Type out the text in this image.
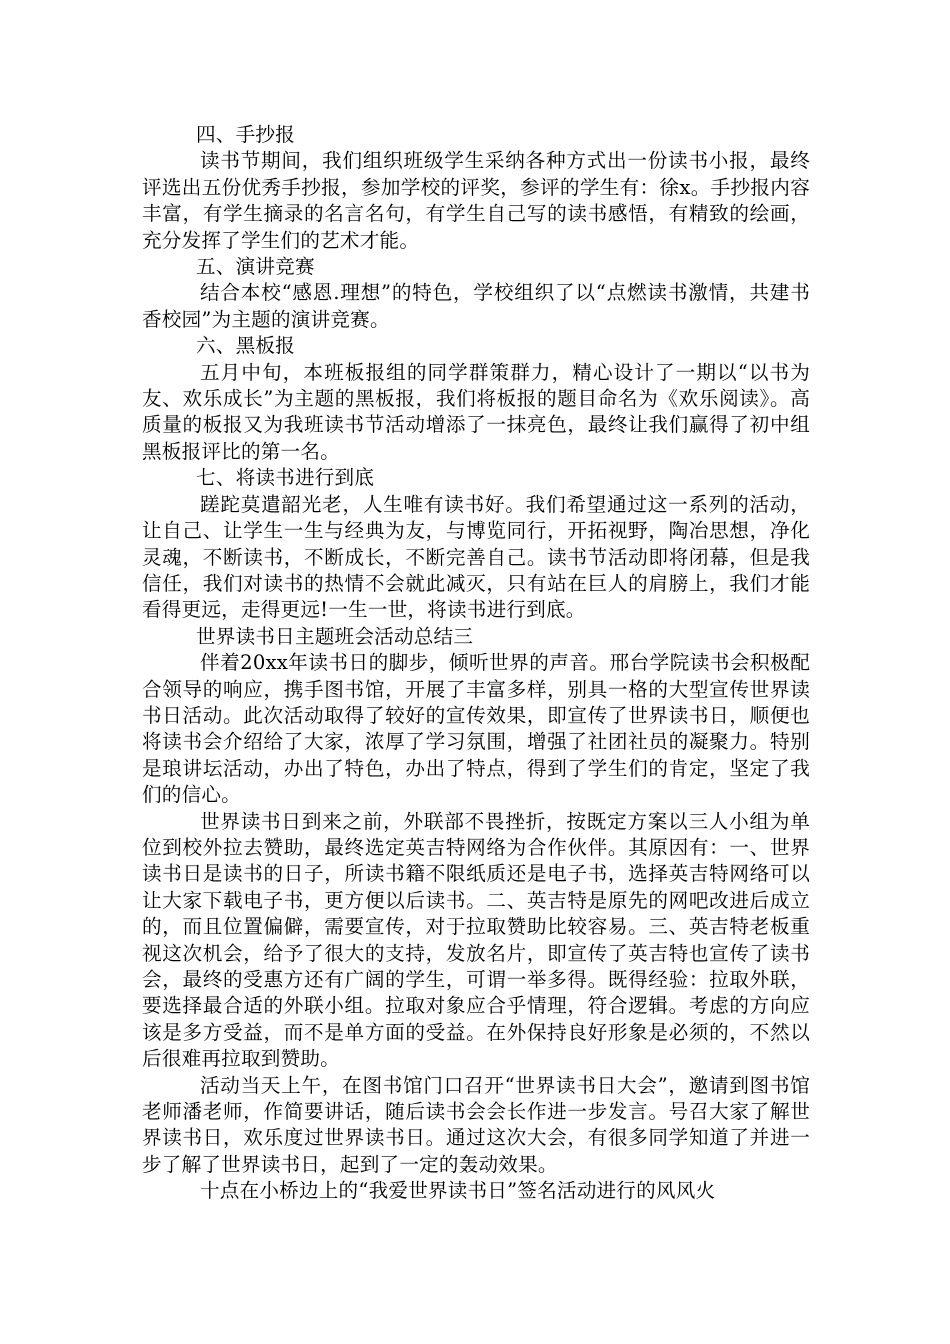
四、手抄报

读书节期间，我们组织班级学生采纳各种方式出一份读书小报，最终评选出五份优秀手抄报，参加学校的评奖，参评的学生有：徐x。手抄报内容丰富，有学生摘录的名言名句，有学生自己写的读书感悟，有精致的绘画，充分发挥了学生们的艺术才能。

五、演讲竞赛

结合本校“感恩.理想”的特色，学校组织了以“点燃读书激情，共建书香校园”为主题的演讲竞赛。

六、黑板报

五月中旬，本班板报组的同学群策群力，精心设计了一期以“以书为友、欢乐成长”为主题的黑板报，我们将板报的题目命名为《欢乐阅读》。高质量的板报又为我班读书节活动增添了一抹亮色，最终让我们赢得了初中组黑板报评比的第一名。

七、将读书进行到底

蹉跎莫遣韶光老，人生唯有读书好。我们希望通过这一系列的活动，让自己、让学生一生与经典为友，与博览同行，开拓视野，陶冶思想，净化灵魂，不断读书，不断成长，不断完善自己。读书节活动即将闭幕，但是我信任，我们对读书的热情不会就此减灭，只有站在巨人的肩膀上，我们才能看得更远，走得更远!一生一世，将读书进行到底。

世界读书日主题班会活动总结三

伴着20xx年读书日的脚步，倾听世界的声音。邢台学院读书会积极配合领导的响应，携手图书馆，开展了丰富多样，别具一格的大型宣传世界读书日活动。此次活动取得了较好的宣传效果，即宣传了世界读书日，顺便也将读书会介绍给了大家，浓厚了学习氛围，增强了社团社员的凝聚力。特别是琅讲坛活动，办出了特色，办出了特点，得到了学生们的肯定，坚定了我们的信心。

世界读书日到来之前，外联部不畏挫折，按既定方案以三人小组为单位到校外拉去赞助，最终选定英吉特网络为合作伙伴。其原因有：一、世界读书日是读书的日子，所读书籍不限纸质还是电子书，选择英吉特网络可以让大家下载电子书，更方便以后读书。二、英吉特是原先的网吧改进后成立的，而且位置偏僻，需要宣传，对于拉取赞助比较容易。三、英吉特老板重视这次机会，给予了很大的支持，发放名片，即宣传了英吉特也宣传了读书会，最终的受惠方还有广阔的学生，可谓一举多得。既得经验：拉取外联，要选择最合适的外联小组。拉取对象应合乎情理，符合逻辑。考虑的方向应该是多方受益，而不是单方面的受益。在外保持良好形象是必须的，不然以后很难再拉取到赞助。

活动当天上午，在图书馆门口召开“世界读书日大会”，邀请到图书馆老师潘老师，作简要讲话，随后读书会会长作进一步发言。号召大家了解世界读书日，欢乐度过世界读书日。通过这次大会，有很多同学知道了并进一步了解了世界读书日，起到了一定的轰动效果。

十点在小桥边上的“我爱世界读书日”签名活动进行的风风火
